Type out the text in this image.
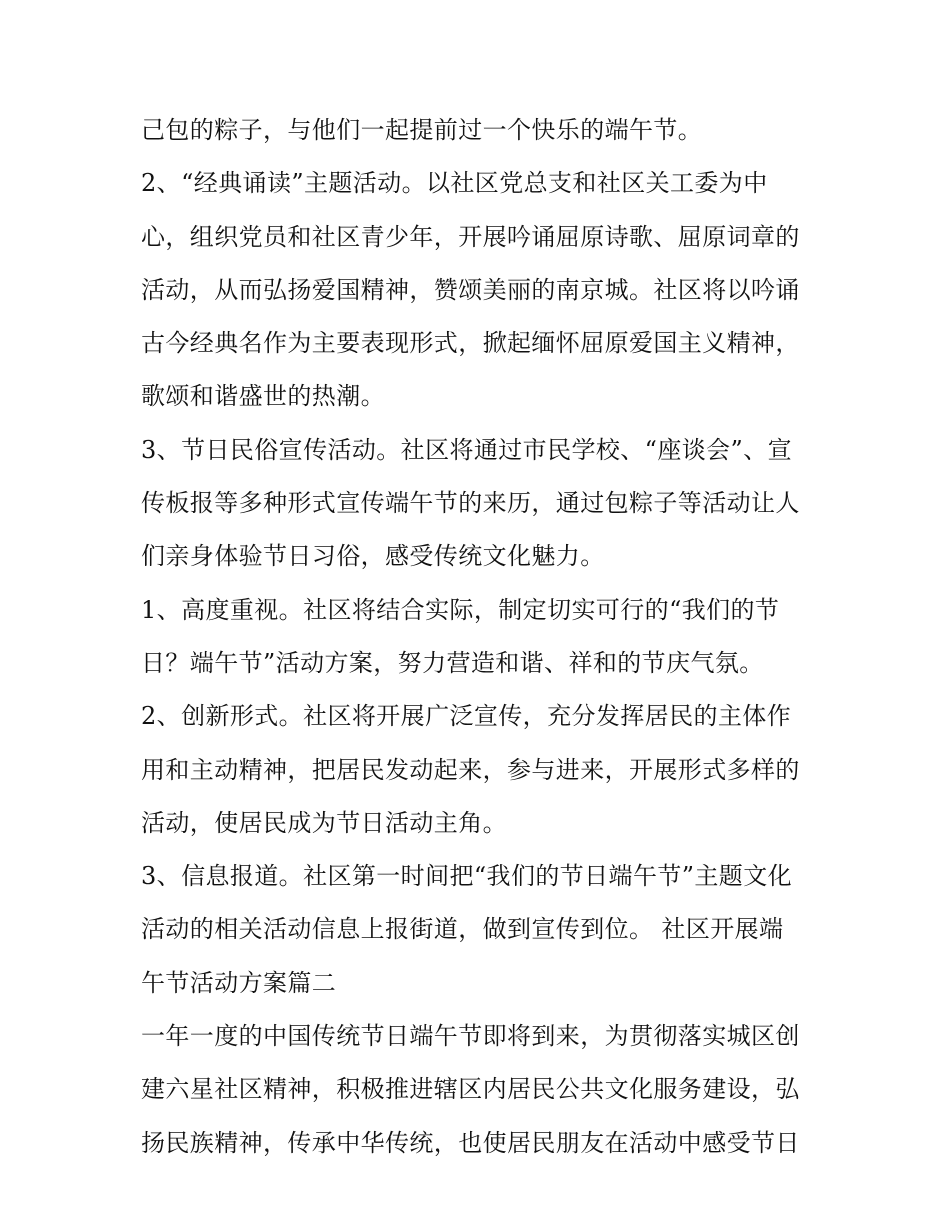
己包的粽子，与他们一起提前过一个快乐的端午节。
2、“经典诵读”主题活动。以社区党总支和社区关工委为中
心，组织党员和社区青少年，开展吟诵屈原诗歌、屈原词章的
活动，从而弘扬爱国精神，赞颂美丽的南京城。社区将以吟诵
古今经典名作为主要表现形式，掀起缅怀屈原爱国主义精神，
歌颂和谐盛世的热潮。
3、节日民俗宣传活动。社区将通过市民学校、“座谈会”、宣
传板报等多种形式宣传端午节的来历，通过包粽子等活动让人
们亲身体验节日习俗，感受传统文化魅力。
1、高度重视。社区将结合实际，制定切实可行的“我们的节
日？端午节”活动方案，努力营造和谐、祥和的节庆气氛。
2、创新形式。社区将开展广泛宣传，充分发挥居民的主体作
用和主动精神，把居民发动起来，参与进来，开展形式多样的
活动，使居民成为节日活动主角。
3、信息报道。社区第一时间把“我们的节日端午节”主题文化
活动的相关活动信息上报街道，做到宣传到位。 社区开展端
午节活动方案篇二
一年一度的中国传统节日端午节即将到来，为贯彻落实城区创
建六星社区精神，积极推进辖区内居民公共文化服务建设，弘
扬民族精神，传承中华传统，也使居民朋友在活动中感受节日
